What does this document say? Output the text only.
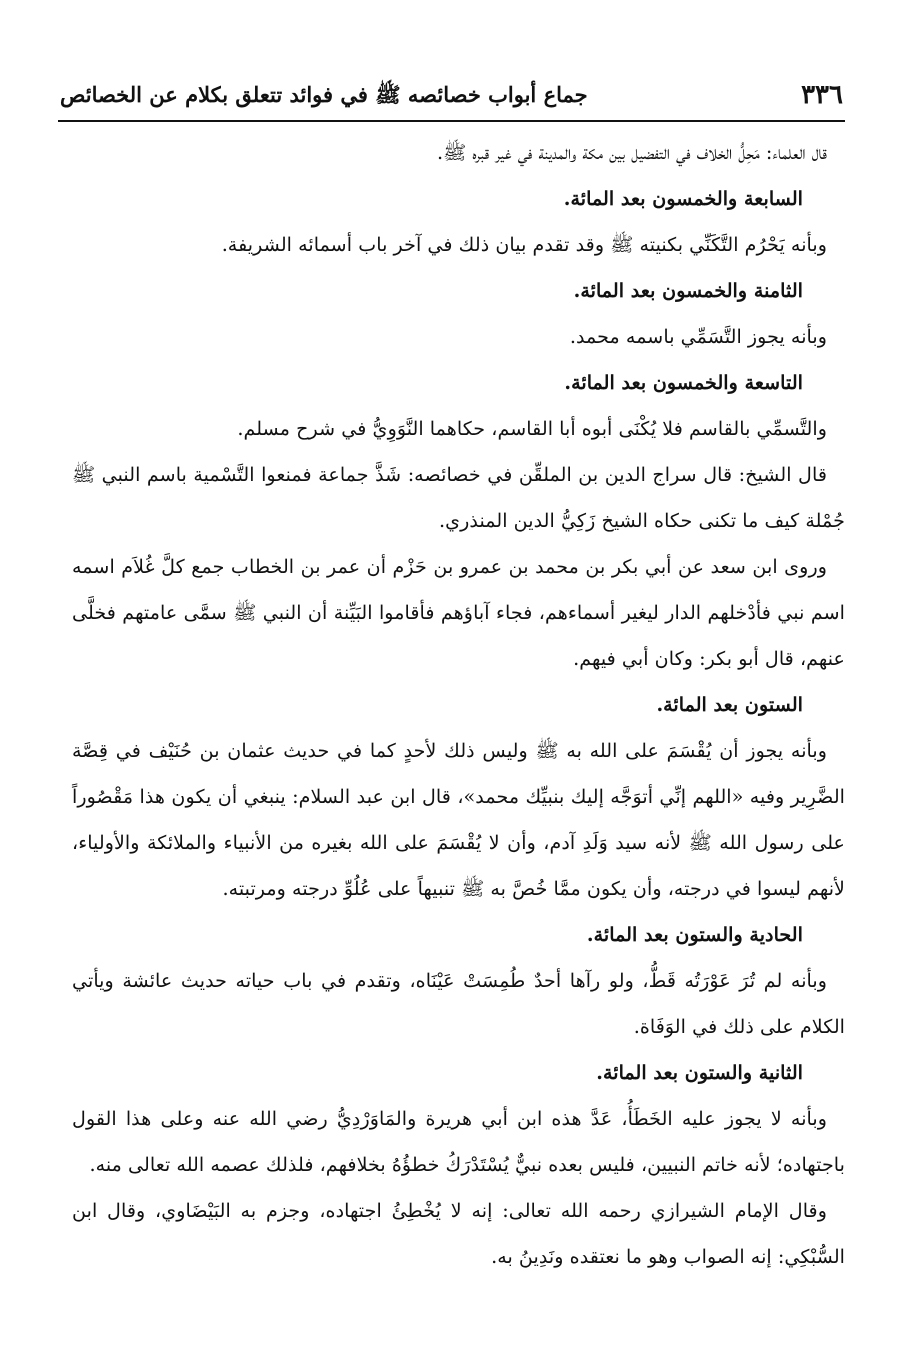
٣٣٦
جماع أبواب خصائصه ﷺ في فوائد تتعلق بكلام عن الخصائص

قال العلماء: مَحِلُّ الخلاف في التفضيل بين مكة والمدينة في غير قبره ﷺ.

السابعة والخمسون بعد المائة.

وبأنه يَحْرُم التَّكَنِّي بكنيته ﷺ وقد تقدم بيان ذلك في آخر باب أسمائه الشريفة.

الثامنة والخمسون بعد المائة.

وبأنه يجوز التَّسَمِّي باسمه محمد.

التاسعة والخمسون بعد المائة.

والتَّسمِّي بالقاسم فلا يُكْنَى أبوه أبا القاسم، حكاهما النَّوَوِيُّ في شرح مسلم.

قال الشيخ: قال سراج الدين بن الملقِّن في خصائصه: شَذَّ جماعة فمنعوا التَّسْمية باسم النبي ﷺ جُمْلة كيف ما تكنى حكاه الشيخ زَكِيُّ الدين المنذري.

وروى ابن سعد عن أبي بكر بن محمد بن عمرو بن حَزْم أن عمر بن الخطاب جمع كلَّ غُلاَم اسمه اسم نبي فأدْخلهم الدار ليغير أسماءهم، فجاء آباؤهم فأقاموا البَيِّنة أن النبي ﷺ سمَّى عامتهم فخلَّى عنهم، قال أبو بكر: وكان أبي فيهم.

الستون بعد المائة.

وبأنه يجوز أن يُقْسَمَ على الله به ﷺ وليس ذلك لأحدٍ كما في حديث عثمان بن حُنَيْف في قِصَّة الضَّرِير وفيه «اللهم إنِّي أتوَجَّه إليك بنبيِّك محمد»، قال ابن عبد السلام: ينبغي أن يكون هذا مَقْصُوراً على رسول الله ﷺ لأنه سيد وَلَدِ آدم، وأن لا يُقْسَمَ على الله بغيره من الأنبياء والملائكة والأولياء، لأنهم ليسوا في درجته، وأن يكون ممَّا خُصَّ به ﷺ تنبيهاً على عُلُوِّ درجته ومرتبته.

الحادية والستون بعد المائة.

وبأنه لم تُرَ عَوْرَتُه قَطُّ، ولو رآها أحدٌ طُمِسَتْ عَيْنَاه، وتقدم في باب حياته حديث عائشة ويأتي الكلام على ذلك في الوَفَاة.

الثانية والستون بعد المائة.

وبأنه لا يجوز عليه الخَطَأُ، عَدَّ هذه ابن أبي هريرة والمَاوَرْدِيُّ رضي الله عنه وعلى هذا القول باجتهاده؛ لأنه خاتم النبيين، فليس بعده نبيٌّ يُسْتَدْرَكُ خطؤُهُ بخلافهم، فلذلك عصمه الله تعالى منه.

وقال الإمام الشيرازي رحمه الله تعالى: إنه لا يُخْطِئُ اجتهاده، وجزم به البَيْضَاوي، وقال ابن السُّبْكِي: إنه الصواب وهو ما نعتقده ونَدِينُ به.
